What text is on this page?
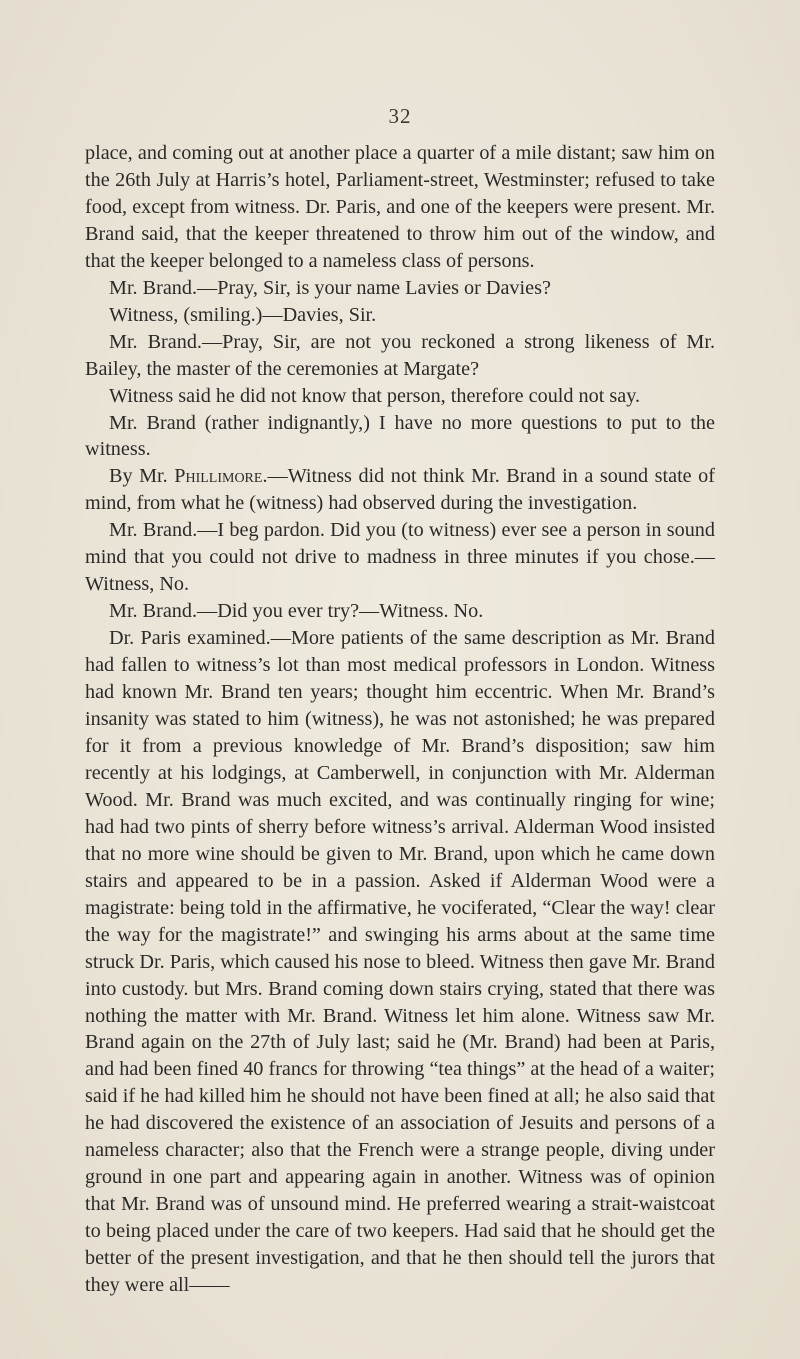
32

place, and coming out at another place a quarter of a mile distant; saw him on the 26th July at Harris’s hotel, Parliament-street, Westminster; refused to take food, except from witness. Dr. Paris, and one of the keepers were present. Mr. Brand said, that the keeper threatened to throw him out of the window, and that the keeper belonged to a nameless class of persons.

Mr. Brand.—Pray, Sir, is your name Lavies or Davies?

Witness, (smiling.)—Davies, Sir.

Mr. Brand.—Pray, Sir, are not you reckoned a strong likeness of Mr. Bailey, the master of the ceremonies at Margate?

Witness said he did not know that person, therefore could not say.

Mr. Brand (rather indignantly,) I have no more questions to put to the witness.

By Mr. Phillimore.—Witness did not think Mr. Brand in a sound state of mind, from what he (witness) had observed during the investigation.

Mr. Brand.—I beg pardon. Did you (to witness) ever see a person in sound mind that you could not drive to madness in three minutes if you chose.— Witness, No.

Mr. Brand.—Did you ever try?—Witness. No.

Dr. Paris examined.—More patients of the same description as Mr. Brand had fallen to witness’s lot than most medical professors in London. Witness had known Mr. Brand ten years; thought him eccentric. When Mr. Brand’s insanity was stated to him (witness), he was not astonished; he was prepared for it from a previous knowledge of Mr. Brand’s disposition; saw him recently at his lodgings, at Camberwell, in conjunction with Mr. Alderman Wood. Mr. Brand was much excited, and was continually ringing for wine; had had two pints of sherry before witness’s arrival. Alderman Wood insisted that no more wine should be given to Mr. Brand, upon which he came down stairs and appeared to be in a passion. Asked if Alderman Wood were a magistrate: being told in the affirmative, he vociferated, “Clear the way! clear the way for the magistrate!” and swinging his arms about at the same time struck Dr. Paris, which caused his nose to bleed. Witness then gave Mr. Brand into custody. but Mrs. Brand coming down stairs crying, stated that there was nothing the matter with Mr. Brand. Witness let him alone. Witness saw Mr. Brand again on the 27th of July last; said he (Mr. Brand) had been at Paris, and had been fined 40 francs for throwing “tea things” at the head of a waiter; said if he had killed him he should not have been fined at all; he also said that he had discovered the existence of an association of Jesuits and persons of a nameless character; also that the French were a strange people, diving under ground in one part and appearing again in another. Witness was of opinion that Mr. Brand was of unsound mind. He preferred wearing a strait-waistcoat to being placed under the care of two keepers. Had said that he should get the better of the present investigation, and that he then should tell the jurors that they were all——
